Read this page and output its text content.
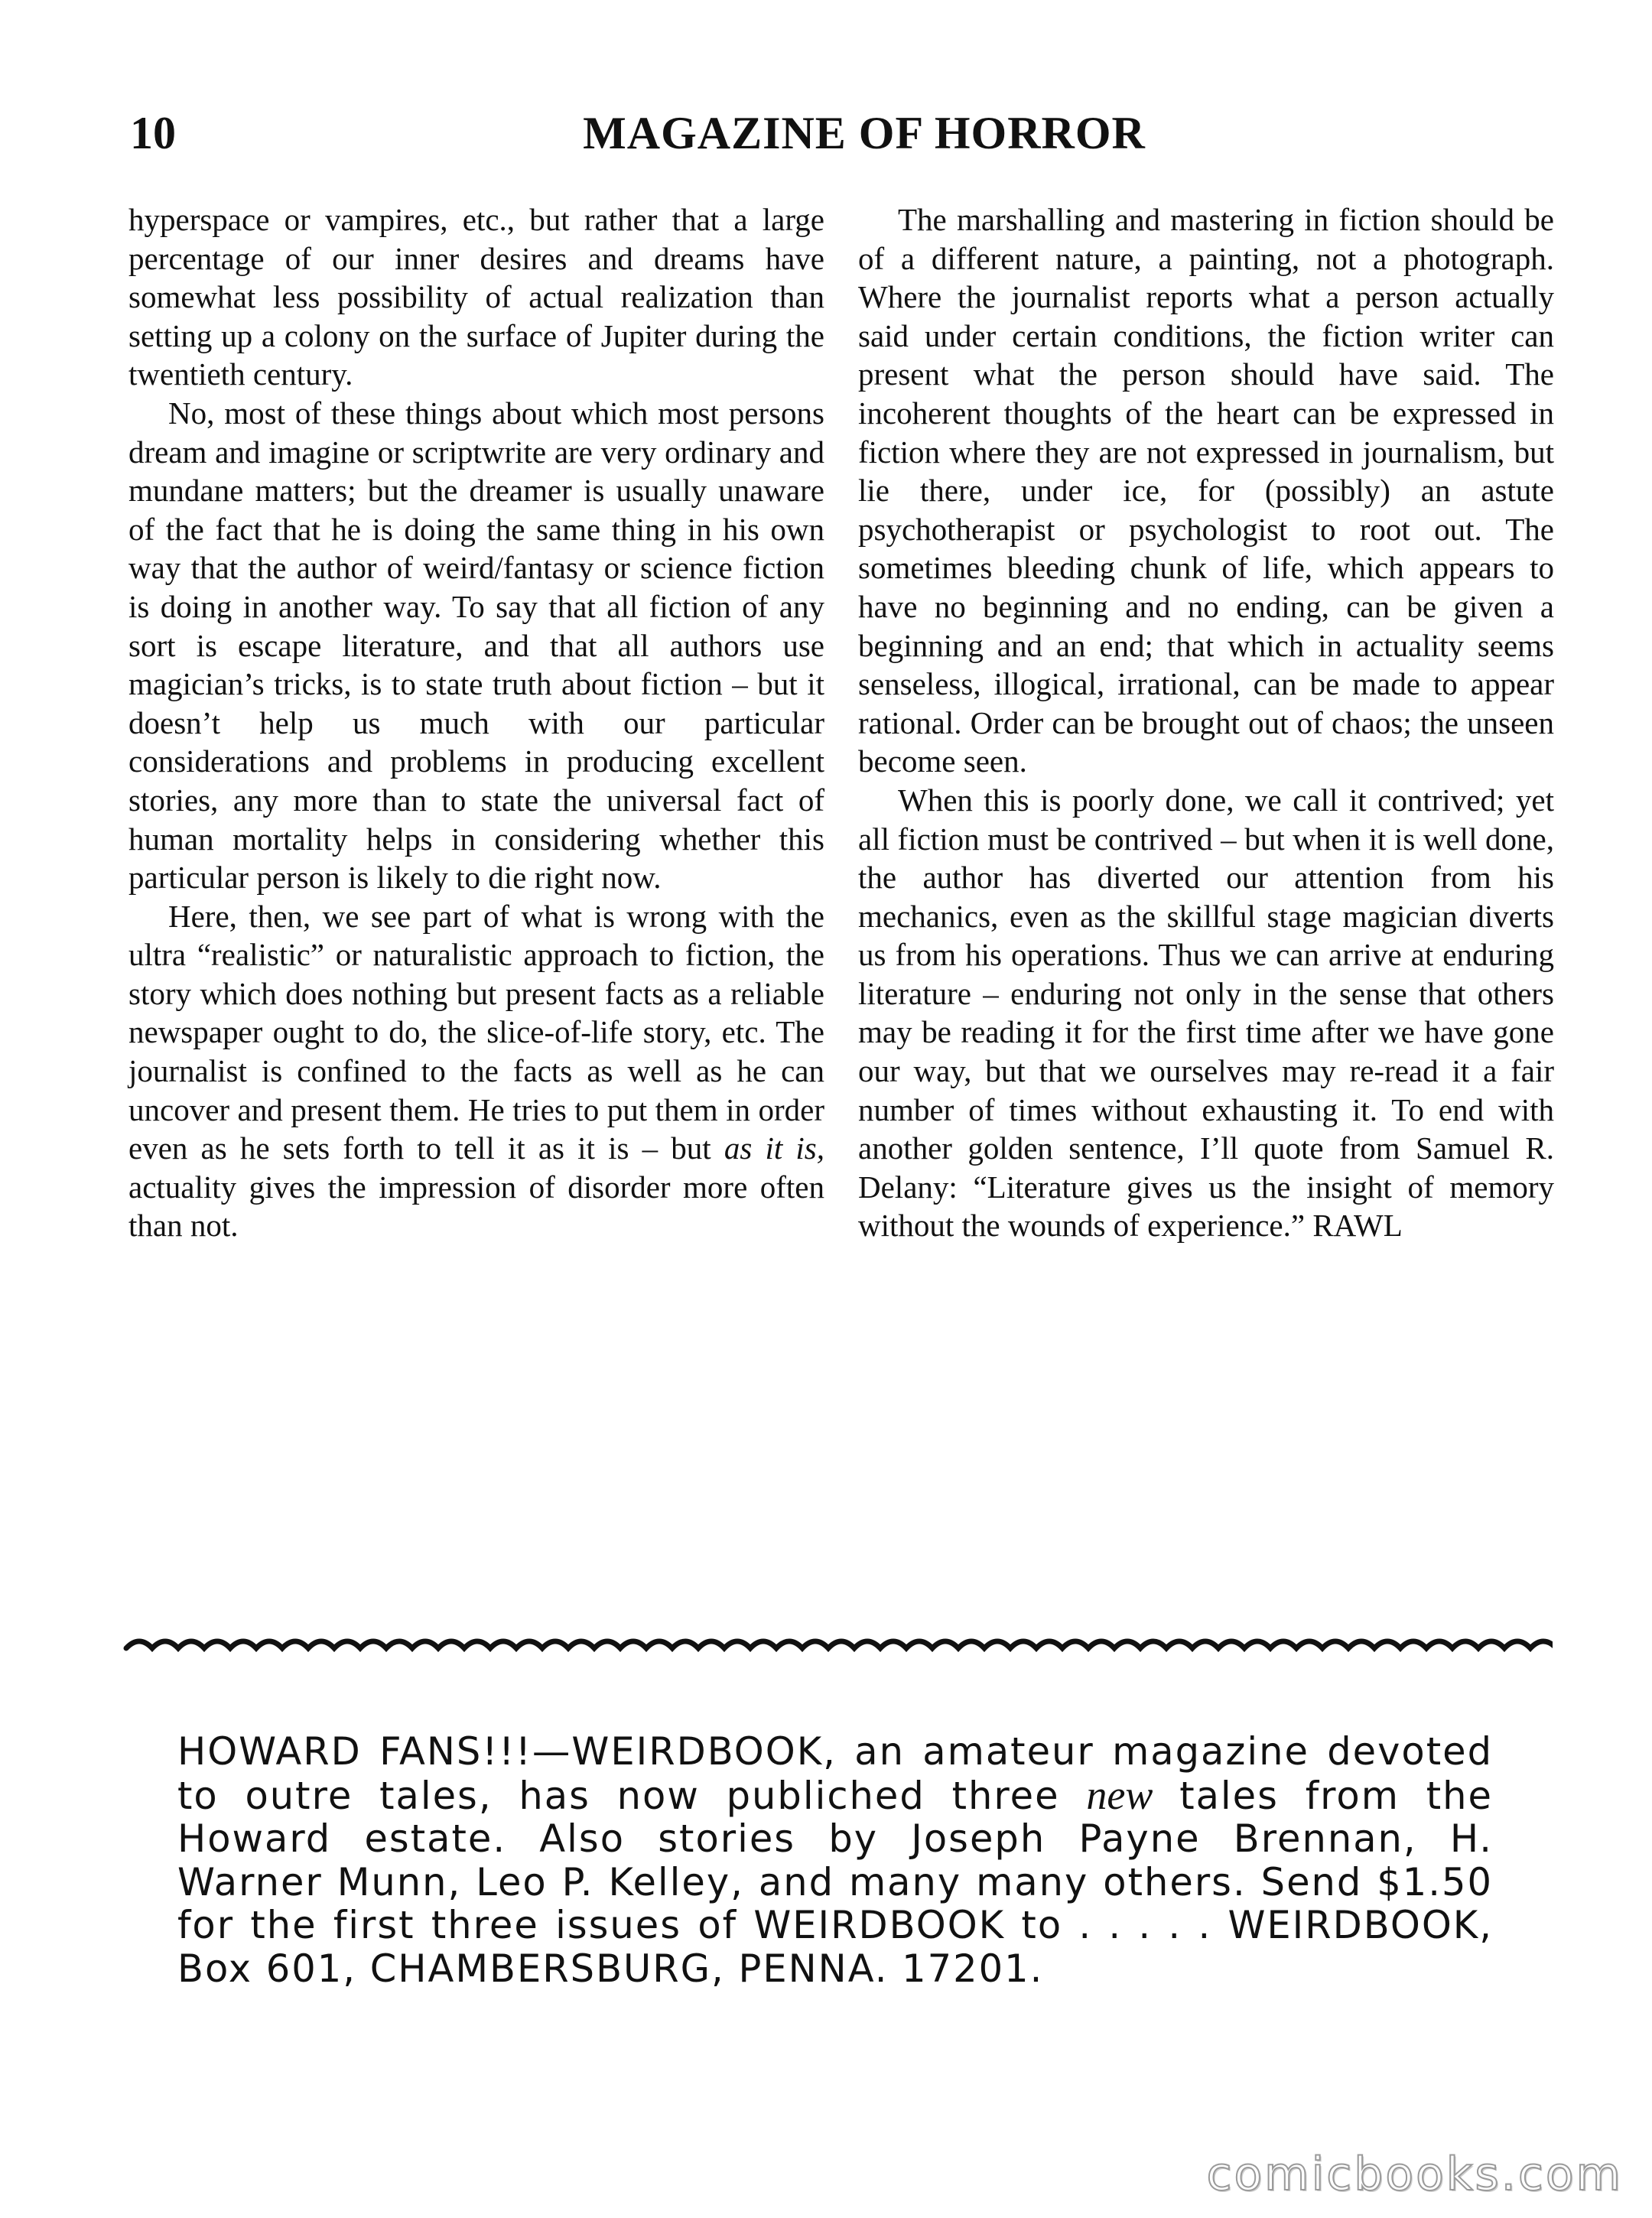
10	MAGAZINE OF HORROR

hyperspace or vampires, etc., but rather that a large percentage of our inner desires and dreams have somewhat less possibility of actual realization than setting up a colony on the surface of Jupiter during the twentieth century.

No, most of these things about which most persons dream and imagine or scriptwrite are very ordinary and mundane matters; but the dreamer is usually unaware of the fact that he is doing the same thing in his own way that the author of weird/fantasy or science fiction is doing in another way. To say that all fiction of any sort is escape literature, and that all authors use magician’s tricks, is to state truth about fiction – but it doesn’t help us much with our particular considerations and problems in producing excellent stories, any more than to state the universal fact of human mortality helps in considering whether this particular person is likely to die right now.

Here, then, we see part of what is wrong with the ultra “realistic” or naturalistic approach to fiction, the story which does nothing but present facts as a reliable newspaper ought to do, the slice-of-life story, etc. The journalist is confined to the facts as well as he can uncover and present them. He tries to put them in order even as he sets forth to tell it as it is – but as it is, actuality gives the impression of disorder more often than not.

The marshalling and mastering in fiction should be of a different nature, a painting, not a photograph. Where the journalist reports what a person actually said under certain conditions, the fiction writer can present what the person should have said. The incoherent thoughts of the heart can be expressed in fiction where they are not expressed in journalism, but lie there, under ice, for (possibly) an astute psychotherapist or psychologist to root out. The sometimes bleeding chunk of life, which appears to have no beginning and no ending, can be given a beginning and an end; that which in actuality seems senseless, illogical, irrational, can be made to appear rational. Order can be brought out of chaos; the unseen become seen.

When this is poorly done, we call it contrived; yet all fiction must be contrived – but when it is well done, the author has diverted our attention from his mechanics, even as the skillful stage magician diverts us from his operations. Thus we can arrive at enduring literature – enduring not only in the sense that others may be reading it for the first time after we have gone our way, but that we ourselves may re-read it a fair number of times without exhausting it. To end with another golden sentence, I’ll quote from Samuel R. Delany: “Literature gives us the insight of memory without the wounds of experience.” RAWL

HOWARD FANS!!!—WEIRDBOOK, an amateur magazine devoted to outre tales, has now publiched three new tales from the Howard estate. Also stories by Joseph Payne Brennan, H. Warner Munn, Leo P. Kelley, and many many others. Send $1.50 for the first three issues of WEIRDBOOK to . . . . . WEIRDBOOK, Box 601, CHAMBERSBURG, PENNA. 17201.

comicbooks.com
